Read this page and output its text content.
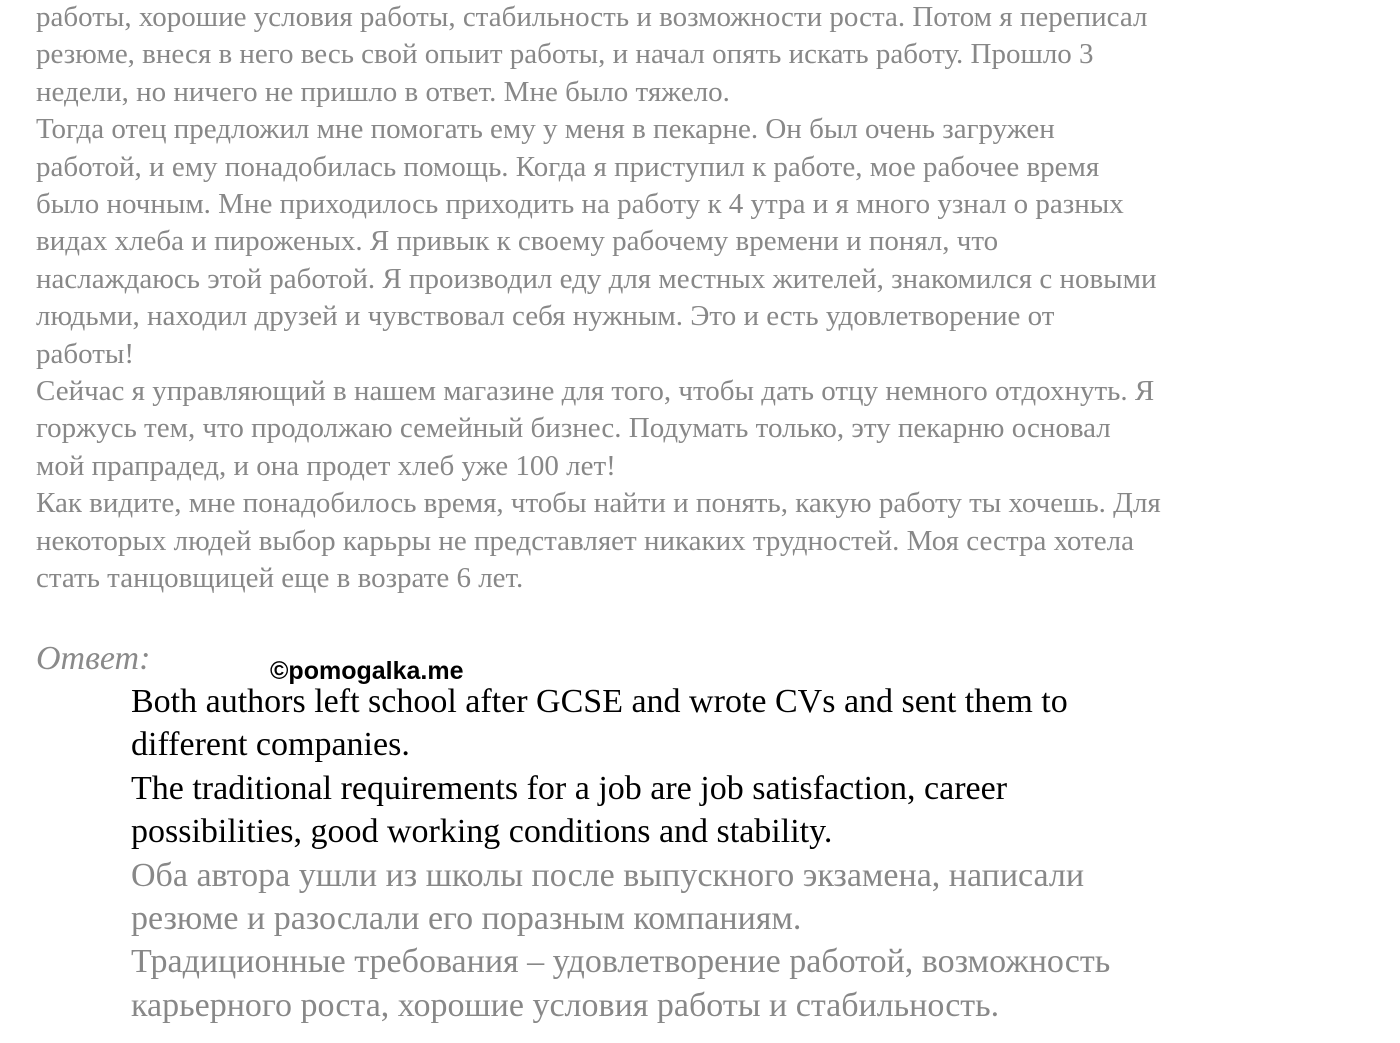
работы, хорошие условия работы, стабильность и возможности роста. Потом я переписал
резюме, внеся в него весь свой опыит работы, и начал опять искать работу. Прошло 3
недели, но ничего не пришло в ответ. Мне было тяжело.
Тогда отец предложил мне помогать ему у меня в пекарне. Он был очень загружен
работой, и ему понадобилась помощь. Когда я приступил к работе, мое рабочее время
было ночным. Мне приходилось приходить на работу к 4 утра и я много узнал о разных
видах хлеба и пироженых. Я привык к своему рабочему времени и понял, что
наслаждаюсь этой работой. Я производил еду для местных жителей, знакомился с новыми
людьми, находил друзей и чувствовал себя нужным. Это и есть удовлетворение от
работы!
Сейчас я управляющий в нашем магазине для того, чтобы дать отцу немного отдохнуть. Я
горжусь тем, что продолжаю семейный бизнес. Подумать только, эту пекарню основал
мой прапрадед, и она продет хлеб уже 100 лет!
Как видите, мне понадобилось время, чтобы найти и понять, какую работу ты хочешь. Для
некоторых людей выбор карьры не представляет никаких трудностей. Моя сестра хотела
стать танцовщицей еще в возрате 6 лет.
Ответ:	©pomogalka.me
Both authors left school after GCSE and wrote CVs and sent them to
different companies.
The traditional requirements for a job are job satisfaction, career
possibilities, good working conditions and stability.
Оба автора ушли из школы после выпускного экзамена, написали
резюме и разослали его поразным компаниям.
Традиционные требования – удовлетворение работой, возможность
карьерного роста, хорошие условия работы и стабильность.
